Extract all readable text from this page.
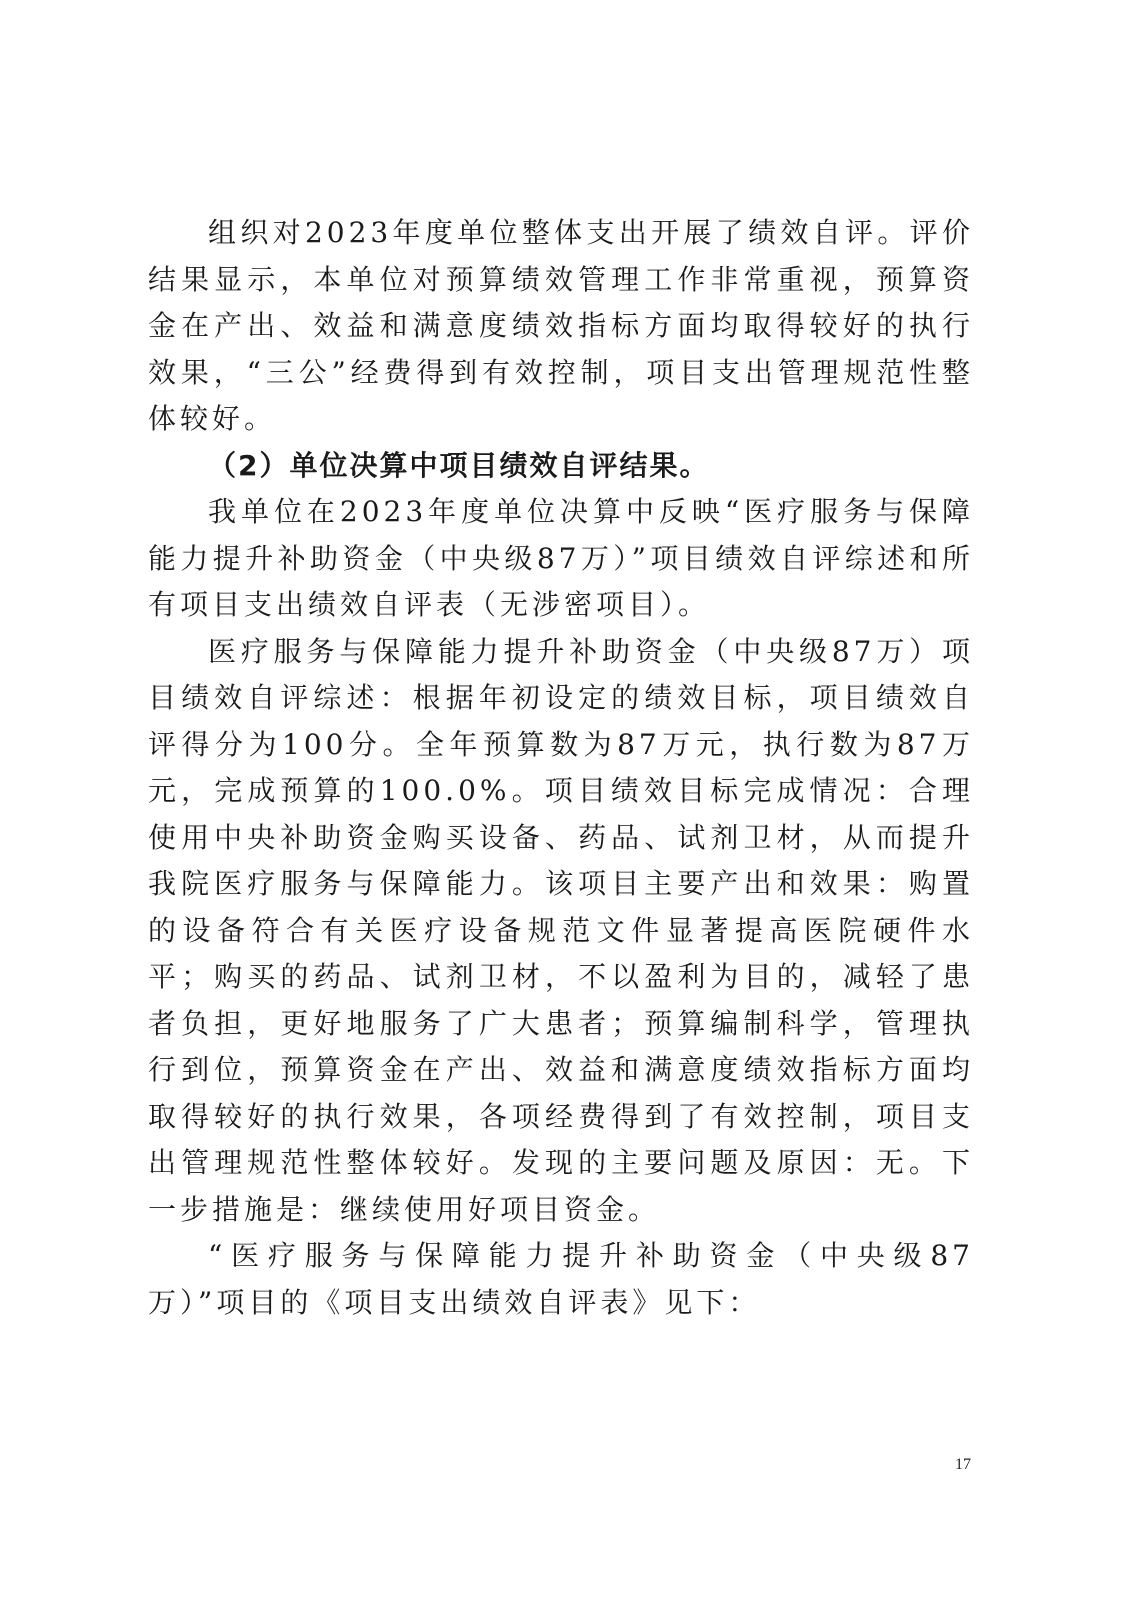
组织对2023年度单位整体支出开展了绩效自评。评价结果显示，本单位对预算绩效管理工作非常重视，预算资金在产出、效益和满意度绩效指标方面均取得较好的执行效果，“三公”经费得到有效控制，项目支出管理规范性整体较好。

（2）单位决算中项目绩效自评结果。

我单位在2023年度单位决算中反映“医疗服务与保障能力提升补助资金（中央级87万）”项目绩效自评综述和所有项目支出绩效自评表（无涉密项目）。

医疗服务与保障能力提升补助资金（中央级87万）项目绩效自评综述：根据年初设定的绩效目标，项目绩效自评得分为100分。全年预算数为87万元，执行数为87万元，完成预算的100.0%。项目绩效目标完成情况：合理使用中央补助资金购买设备、药品、试剂卫材，从而提升我院医疗服务与保障能力。该项目主要产出和效果：购置的设备符合有关医疗设备规范文件显著提高医院硬件水平；购买的药品、试剂卫材，不以盈利为目的，减轻了患者负担，更好地服务了广大患者；预算编制科学，管理执行到位，预算资金在产出、效益和满意度绩效指标方面均取得较好的执行效果，各项经费得到了有效控制，项目支出管理规范性整体较好。发现的主要问题及原因：无。下一步措施是：继续使用好项目资金。

“医疗服务与保障能力提升补助资金（中央级87万）”项目的《项目支出绩效自评表》见下：

17
